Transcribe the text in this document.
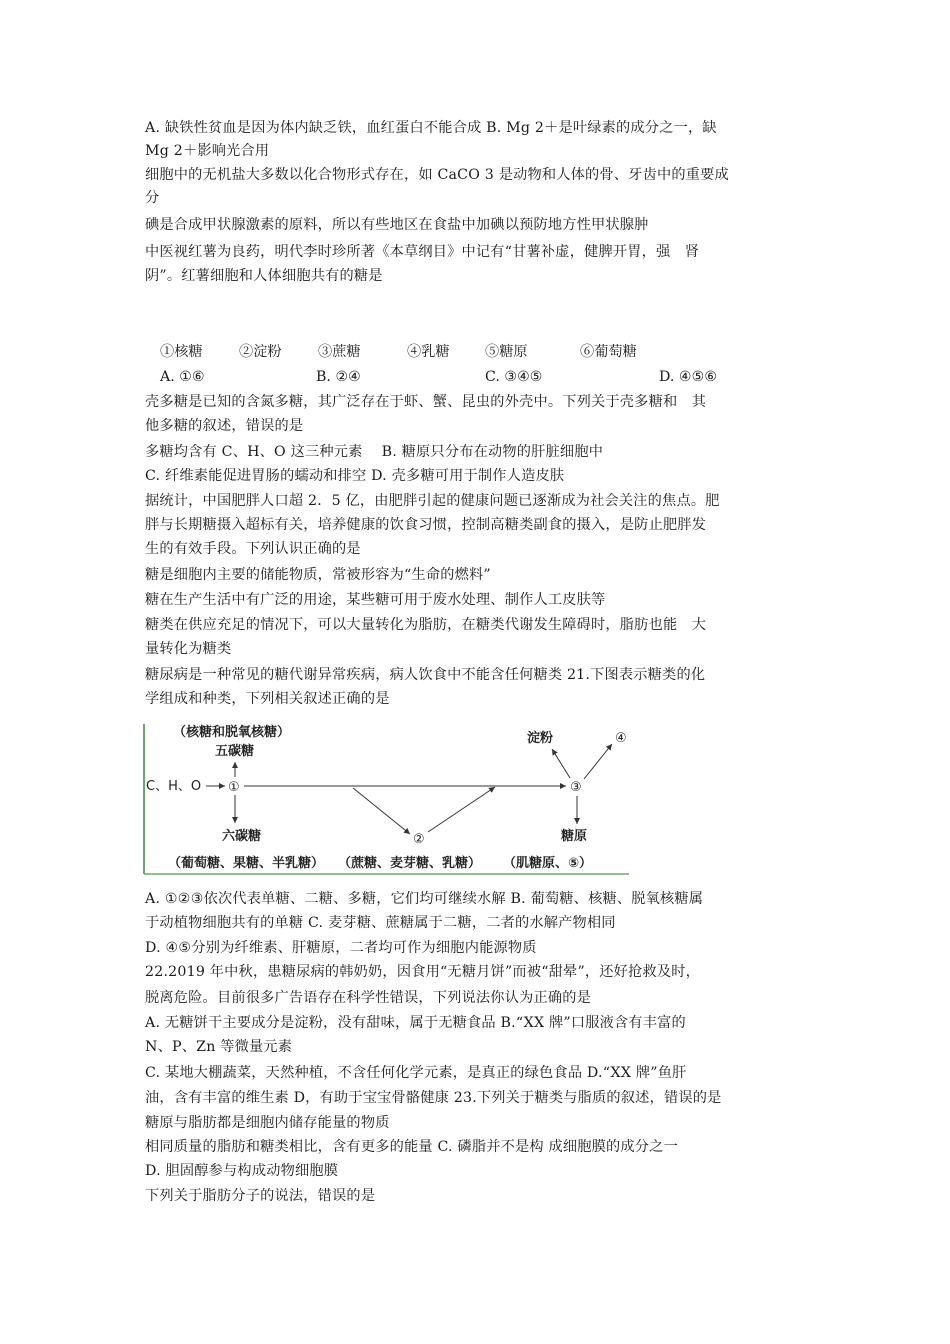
A. 缺铁性贫血是因为体内缺乏铁，血红蛋白不能合成 B. Mg 2＋是叶绿素的成分之一，缺
Mg 2＋影响光合用
细胞中的无机盐大多数以化合物形式存在，如 CaCO 3 是动物和人体的骨、牙齿中的重要成
分
碘是合成甲状腺激素的原料，所以有些地区在食盐中加碘以预防地方性甲状腺肿
中医视红薯为良药，明代李时珍所著《本草纲目》中记有“甘薯补虚，健脾开胃，强　肾
阴”。红薯细胞和人体细胞共有的糖是
①核糖	②淀粉	③蔗糖	④乳糖 ⑤糖原	⑥葡萄糖
A. ①⑥	B. ②④	C. ③④⑤	D. ④⑤⑥
壳多糖是已知的含氮多糖，其广泛存在于虾、蟹、昆虫的外壳中。下列关于壳多糖和　其
他多糖的叙述，错误的是
多糖均含有 C、H、O 这三种元素　 B. 糖原只分布在动物的肝脏细胞中
C. 纤维素能促进胃肠的蠕动和排空 D. 壳多糖可用于制作人造皮肤
据统计，中国肥胖人口超 2．5 亿，由肥胖引起的健康问题已逐渐成为社会关注的焦点。肥
胖与长期糖摄入超标有关，培养健康的饮食习惯，控制高糖类副食的摄入，是防止肥胖发
生的有效手段。下列认识正确的是
糖是细胞内主要的储能物质，常被形容为“生命的燃料”
糖在生产生活中有广泛的用途，某些糖可用于废水处理、制作人工皮肤等
糖类在供应充足的情况下，可以大量转化为脂肪，在糖类代谢发生障碍时，脂肪也能　大
量转化为糖类
糖尿病是一种常见的糖代谢异常疾病，病人饮食中不能含任何糖类 21.下图表示糖类的化
学组成和种类，下列相关叙述正确的是
（核糖和脱氧核糖）
五碳糖
C、H、O ①
②
③
④
淀粉
六碳糖	糖原
（葡萄糖、果糖、半乳糖） （蔗糖、麦芽糖、乳糖） （肌糖原、⑤）
A. ①②③依次代表单糖、二糖、多糖，它们均可继续水解 B. 葡萄糖、核糖、脱氧核糖属
于动植物细胞共有的单糖 C. 麦芽糖、蔗糖属于二糖，二者的水解产物相同
D. ④⑤分别为纤维素、肝糖原，二者均可作为细胞内能源物质
22.2019 年中秋，患糖尿病的韩奶奶，因食用“无糖月饼”而被“甜晕”，还好抢救及时，
脱离危险。目前很多广告语存在科学性错误，下列说法你认为正确的是
A. 无糖饼干主要成分是淀粉，没有甜味，属于无糖食品 B.“XX 牌”口服液含有丰富的
N、P、Zn 等微量元素
C. 某地大棚蔬菜，天然种植，不含任何化学元素，是真正的绿色食品 D.“XX 牌”鱼肝
油，含有丰富的维生素 D，有助于宝宝骨骼健康 23.下列关于糖类与脂质的叙述，错误的是
糖原与脂肪都是细胞内储存能量的物质
相同质量的脂肪和糖类相比，含有更多的能量 C. 磷脂并不是构 成细胞膜的成分之一
D. 胆固醇参与构成动物细胞膜
下列关于脂肪分子的说法，错误的是
